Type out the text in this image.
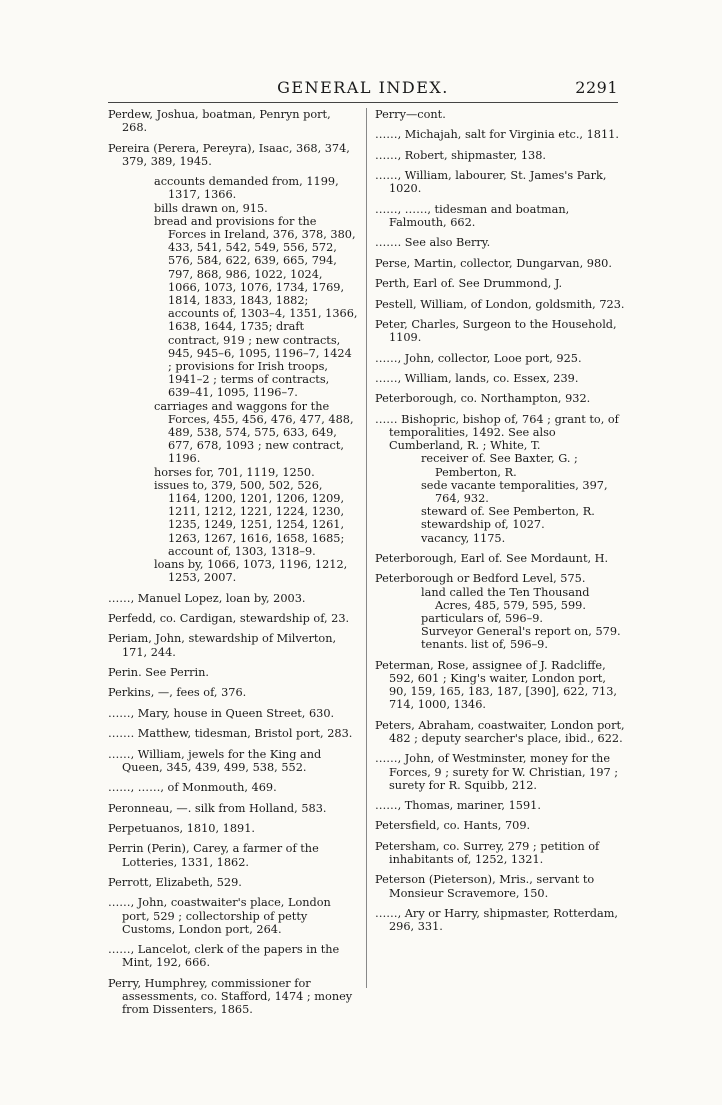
GENERAL INDEX.	2291

Perdew, Joshua, boatman, Penryn port, 268.

Pereira (Perera, Pereyra), Isaac, 368, 374, 379, 389, 1945.

accounts demanded from, 1199, 1317, 1366.

bills drawn on, 915.

bread and provisions for the Forces in Ireland, 376, 378, 380, 433, 541, 542, 549, 556, 572, 576, 584, 622, 639, 665, 794, 797, 868, 986, 1022, 1024, 1066, 1073, 1076, 1734, 1769, 1814, 1833, 1843, 1882; accounts of, 1303–4, 1351, 1366, 1638, 1644, 1735; draft contract, 919 ; new contracts, 945, 945–6, 1095, 1196–7, 1424 ; provisions for Irish troops, 1941–2 ; terms of contracts, 639–41, 1095, 1196–7.

carriages and waggons for the Forces, 455, 456, 476, 477, 488, 489, 538, 574, 575, 633, 649, 677, 678, 1093 ; new contract, 1196.

horses for, 701, 1119, 1250.

issues to, 379, 500, 502, 526, 1164, 1200, 1201, 1206, 1209, 1211, 1212, 1221, 1224, 1230, 1235, 1249, 1251, 1254, 1261, 1263, 1267, 1616, 1658, 1685; account of, 1303, 1318–9.

loans by, 1066, 1073, 1196, 1212, 1253, 2007.

……, Manuel Lopez, loan by, 2003.

Perfedd, co. Cardigan, stewardship of, 23.

Periam, John, stewardship of Milverton, 171, 244.

Perin. See Perrin.

Perkins, —, fees of, 376.

……, Mary, house in Queen Street, 630.

……. Matthew, tidesman, Bristol port, 283.

……, William, jewels for the King and Queen, 345, 439, 499, 538, 552.

……, ……, of Monmouth, 469.

Peronneau, —. silk from Holland, 583.

Perpetuanos, 1810, 1891.

Perrin (Perin), Carey, a farmer of the Lotteries, 1331, 1862.

Perrott, Elizabeth, 529.

……, John, coastwaiter's place, London port, 529 ; collectorship of petty Customs, London port, 264.

……, Lancelot, clerk of the papers in the Mint, 192, 666.

Perry, Humphrey, commissioner for assessments, co. Stafford, 1474 ; money from Dissenters, 1865.

Perry—cont.

……, Michajah, salt for Virginia etc., 1811.

……, Robert, shipmaster, 138.

……, William, labourer, St. James's Park, 1020.

……, ……, tidesman and boatman, Falmouth, 662.

……. See also Berry.

Perse, Martin, collector, Dungarvan, 980.

Perth, Earl of. See Drummond, J.

Pestell, William, of London, goldsmith, 723.

Peter, Charles, Surgeon to the Household, 1109.

……, John, collector, Looe port, 925.

……, William, lands, co. Essex, 239.

Peterborough, co. Northampton, 932.

…… Bishopric, bishop of, 764 ; grant to, of temporalities, 1492. See also Cumberland, R. ; White, T.

receiver of. See Baxter, G. ; Pemberton, R.

sede vacante temporalities, 397, 764, 932.

steward of. See Pemberton, R.

stewardship of, 1027.

vacancy, 1175.

Peterborough, Earl of. See Mordaunt, H.

Peterborough or Bedford Level, 575.

land called the Ten Thousand Acres, 485, 579, 595, 599.

particulars of, 596–9.

Surveyor General's report on, 579.

tenants. list of, 596–9.

Peterman, Rose, assignee of J. Radcliffe, 592, 601 ; King's waiter, London port, 90, 159, 165, 183, 187, [390], 622, 713, 714, 1000, 1346.

Peters, Abraham, coastwaiter, London port, 482 ; deputy searcher's place, ibid., 622.

……, John, of Westminster, money for the Forces, 9 ; surety for W. Christian, 197 ; surety for R. Squibb, 212.

……, Thomas, mariner, 1591.

Petersfield, co. Hants, 709.

Petersham, co. Surrey, 279 ; petition of inhabitants of, 1252, 1321.

Peterson (Pieterson), Mris., servant to Monsieur Scravemore, 150.

……, Ary or Harry, shipmaster, Rotterdam, 296, 331.
